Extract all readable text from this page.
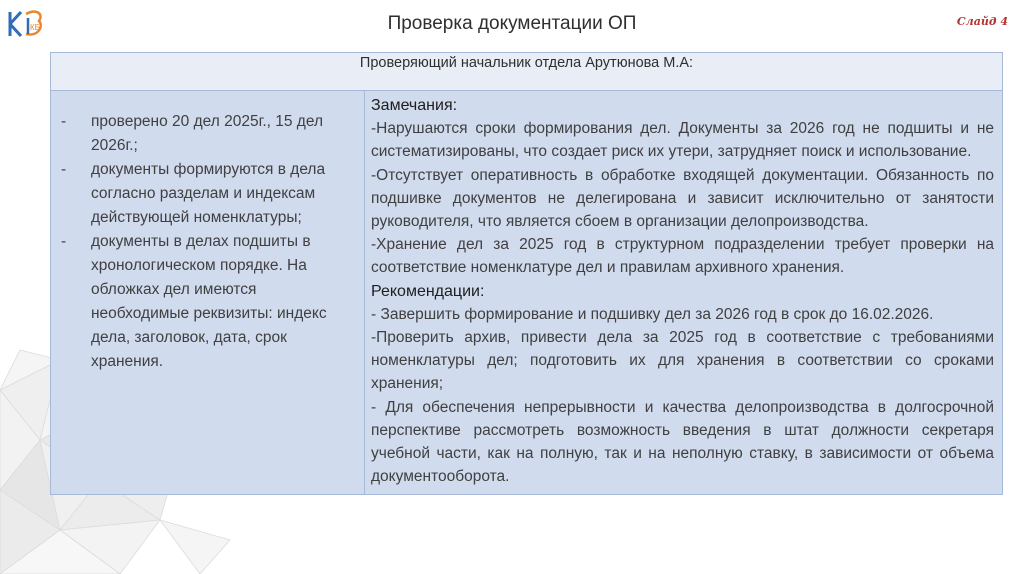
КБ	Проверка документации ОП	Слайд 4
Проверяющий начальник отдела Арутюнова М.А:

- проверено 20 дел 2025г., 15 дел 2026г.;
- документы формируются в дела согласно разделам и индексам действующей номенклатуры;
- документы в делах подшиты в хронологическом порядке. На обложках дел имеются необходимые реквизиты: индекс дела, заголовок, дата, срок хранения.

Замечания:

-Нарушаются сроки формирования дел. Документы за 2026 год не подшиты и не систематизированы, что создает риск их утери, затрудняет поиск и использование.

-Отсутствует оперативность в обработке входящей документации. Обязанность по подшивке документов не делегирована и зависит исключительно от занятости руководителя, что является сбоем в организации делопроизводства.

-Хранение дел за 2025 год в структурном подразделении требует проверки на соответствие номенклатуре дел и правилам архивного хранения.

Рекомендации:

- Завершить формирование и подшивку дел за 2026 год в срок до 16.02.2026.

-Проверить архив, привести дела за 2025 год в соответствие с требованиями номенклатуры дел; подготовить их для хранения в соответствии со сроками хранения;

- Для обеспечения непрерывности и качества делопроизводства в долгосрочной перспективе рассмотреть возможность введения в штат должности секретаря учебной части, как на полную, так и на неполную ставку, в зависимости от объема документооборота.
